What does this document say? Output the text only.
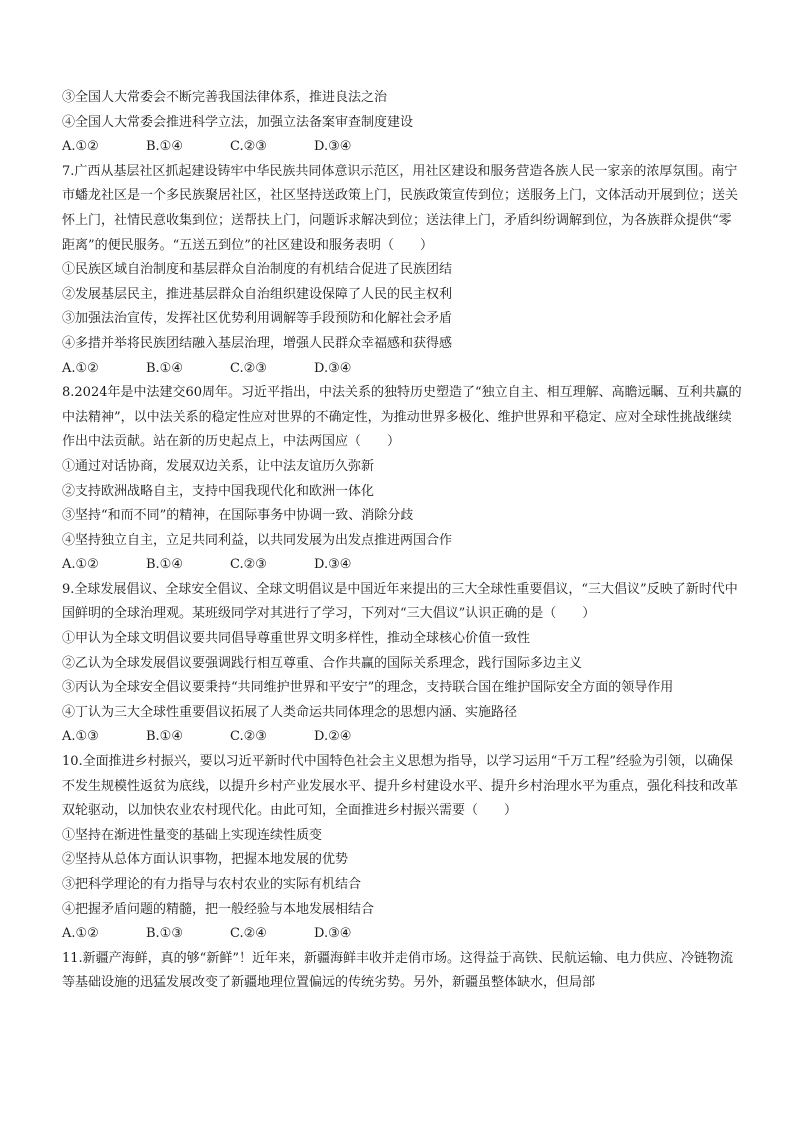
③全国人大常委会不断完善我国法律体系，推进良法之治
④全国人大常委会推进科学立法，加强立法备案审查制度建设
A.①②	B.①④	C.②③	D.③④
7.广西从基层社区抓起建设铸牢中华民族共同体意识示范区，用社区建设和服务营造各族人民一家亲的浓厚氛围。南宁市蟠龙社区是一个多民族聚居社区，社区坚持送政策上门，民族政策宣传到位；送服务上门，文体活动开展到位；送关怀上门，社情民意收集到位；送帮扶上门，问题诉求解决到位；送法律上门，矛盾纠纷调解到位，为各族群众提供“零距离”的便民服务。“五送五到位”的社区建设和服务表明（　　）
①民族区域自治制度和基层群众自治制度的有机结合促进了民族团结
②发展基层民主，推进基层群众自治组织建设保障了人民的民主权利
③加强法治宣传，发挥社区优势利用调解等手段预防和化解社会矛盾
④多措并举将民族团结融入基层治理，增强人民群众幸福感和获得感
A.①②	B.①④	C.②③	D.③④
8.2024年是中法建交60周年。习近平指出，中法关系的独特历史塑造了“独立自主、相互理解、高瞻远瞩、互利共赢的中法精神”，以中法关系的稳定性应对世界的不确定性，为推动世界多极化、维护世界和平稳定、应对全球性挑战继续作出中法贡献。站在新的历史起点上，中法两国应（　　）
①通过对话协商，发展双边关系，让中法友谊历久弥新
②支持欧洲战略自主，支持中国我现代化和欧洲一体化
③坚持“和而不同”的精神，在国际事务中协调一致、消除分歧
④坚持独立自主，立足共同利益，以共同发展为出发点推进两国合作
A.①②	B.①④	C.②③	D.③④
9.全球发展倡议、全球安全倡议、全球文明倡议是中国近年来提出的三大全球性重要倡议，“三大倡议”反映了新时代中国鲜明的全球治理观。某班级同学对其进行了学习，下列对“三大倡议”认识正确的是（　　）
①甲认为全球文明倡议要共同倡导尊重世界文明多样性，推动全球核心价值一致性
②乙认为全球发展倡议要强调践行相互尊重、合作共赢的国际关系理念，践行国际多边主义
③丙认为全球安全倡议要秉持“共同维护世界和平安宁”的理念，支持联合国在维护国际安全方面的领导作用
④丁认为三大全球性重要倡议拓展了人类命运共同体理念的思想内涵、实施路径
A.①③	B.①④	C.②③	D.②④
10.全面推进乡村振兴，要以习近平新时代中国特色社会主义思想为指导，以学习运用“千万工程”经验为引领，以确保不发生规模性返贫为底线，以提升乡村产业发展水平、提升乡村建设水平、提升乡村治理水平为重点，强化科技和改革双轮驱动，以加快农业农村现代化。由此可知，全面推进乡村振兴需要（　　）
①坚持在渐进性量变的基础上实现连续性质变
②坚持从总体方面认识事物，把握本地发展的优势
③把科学理论的有力指导与农村农业的实际有机结合
④把握矛盾问题的精髓，把一般经验与本地发展相结合
A.①②	B.①③	C.②④	D.③④
11.新疆产海鲜，真的够“新鲜”！近年来，新疆海鲜丰收并走俏市场。这得益于高铁、民航运输、电力供应、冷链物流等基础设施的迅猛发展改变了新疆地理位置偏远的传统劣势。另外，新疆虽整体缺水，但局部
